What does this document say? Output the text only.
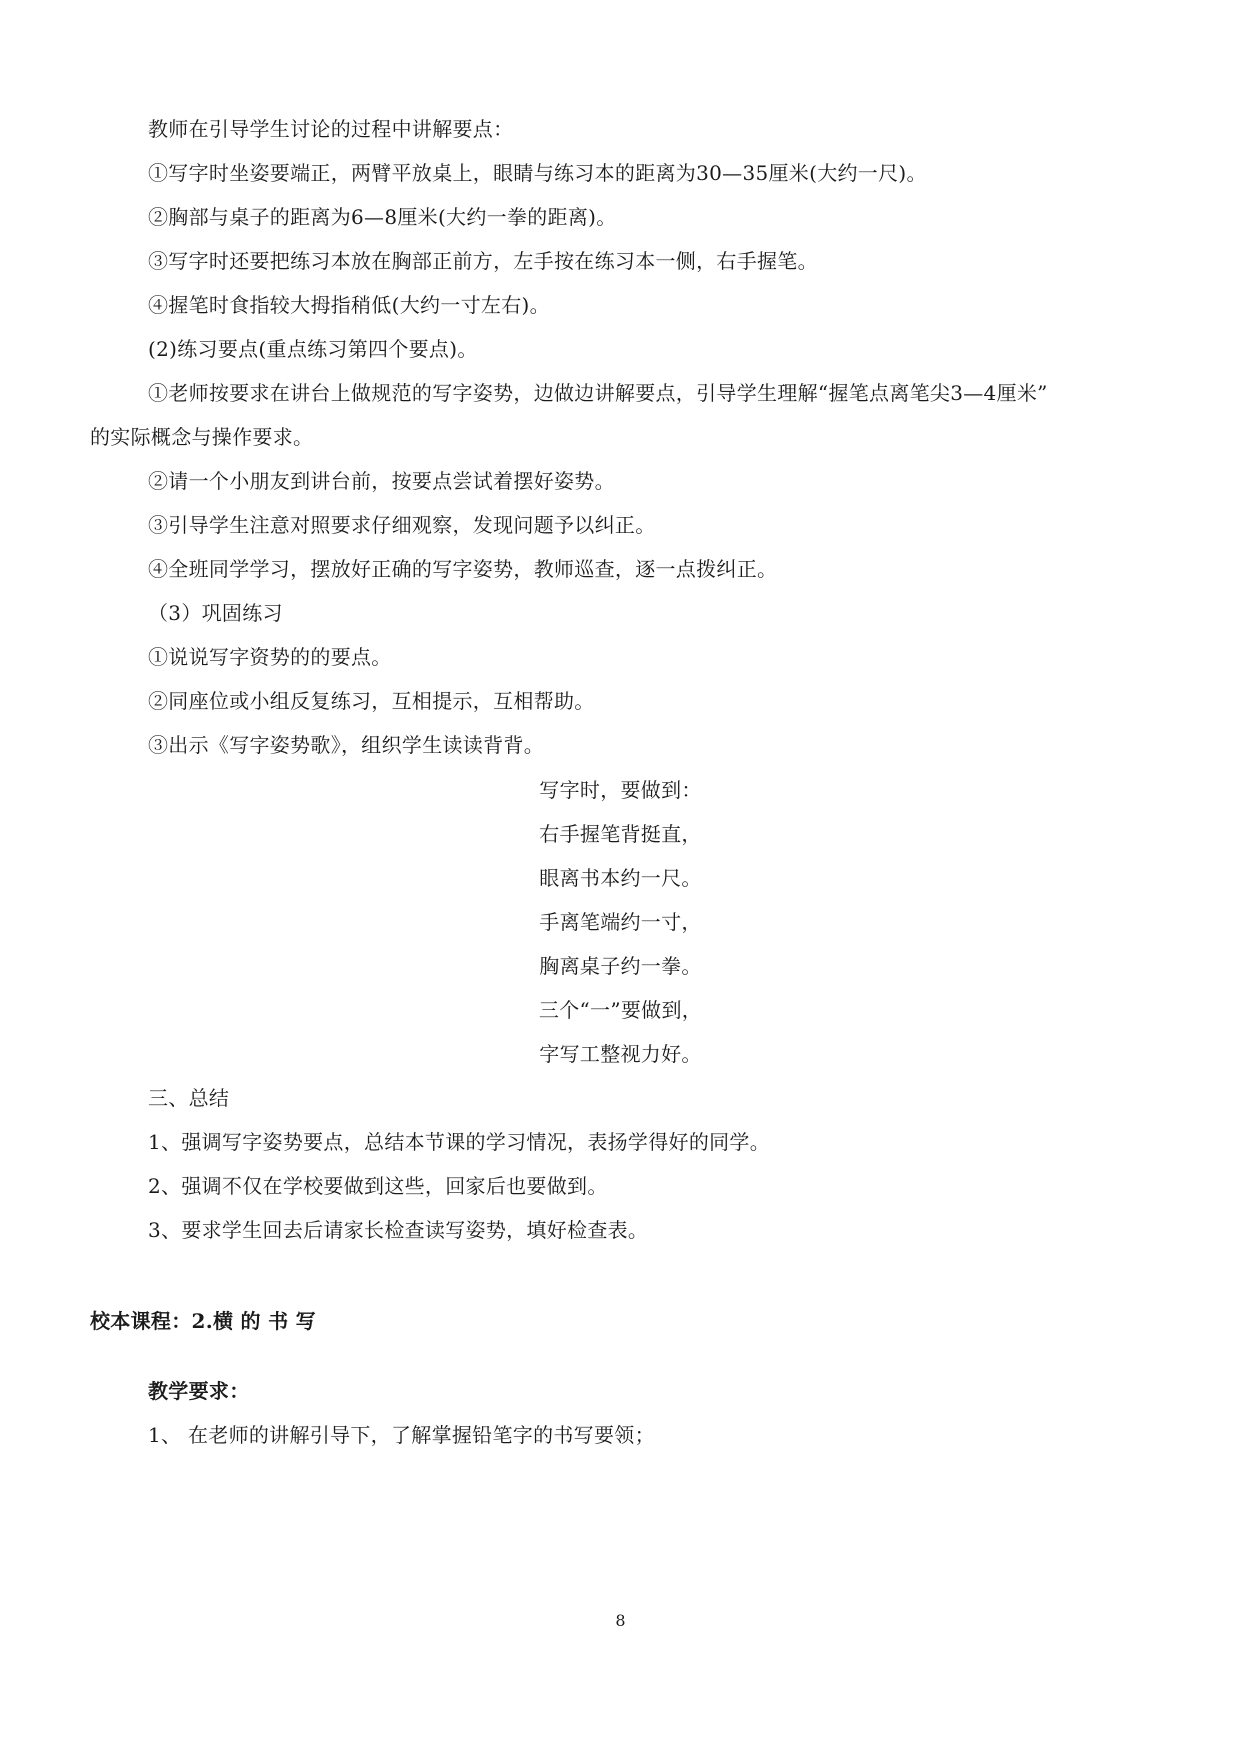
教师在引导学生讨论的过程中讲解要点：

①写字时坐姿要端正，两臂平放桌上，眼睛与练习本的距离为30—35厘米(大约一尺)。

②胸部与桌子的距离为6—8厘米(大约一拳的距离)。

③写字时还要把练习本放在胸部正前方，左手按在练习本一侧，右手握笔。

④握笔时食指较大拇指稍低(大约一寸左右)。

(2)练习要点(重点练习第四个要点)。

①老师按要求在讲台上做规范的写字姿势，边做边讲解要点，引导学生理解“握笔点离笔尖3—4厘米”

的实际概念与操作要求。

②请一个小朋友到讲台前，按要点尝试着摆好姿势。

③引导学生注意对照要求仔细观察，发现问题予以纠正。

④全班同学学习，摆放好正确的写字姿势，教师巡查，逐一点拨纠正。

（3）巩固练习

①说说写字资势的的要点。

②同座位或小组反复练习，互相提示，互相帮助。

③出示《写字姿势歌》，组织学生读读背背。

写字时，要做到：

右手握笔背挺直，

眼离书本约一尺。

手离笔端约一寸，

胸离桌子约一拳。

三个“一”要做到，

字写工整视力好。

三、总结

1、强调写字姿势要点，总结本节课的学习情况，表扬学得好的同学。

2、强调不仅在学校要做到这些，回家后也要做到。

3、要求学生回去后请家长检查读写姿势，填好检查表。

校本课程：2.横 的 书 写

教学要求：

1、 在老师的讲解引导下，了解掌握铅笔字的书写要领；

8
